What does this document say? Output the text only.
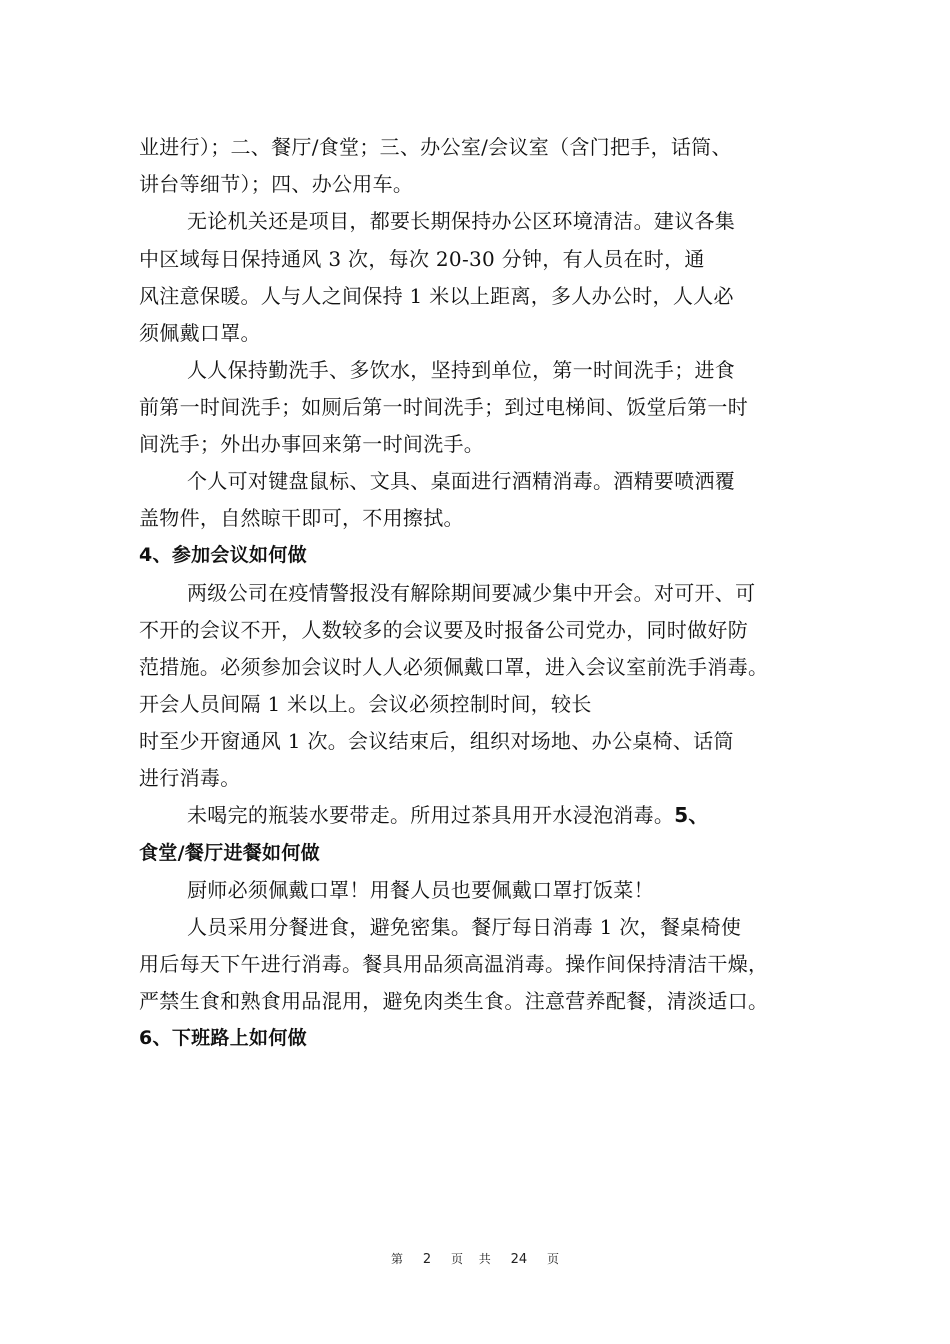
业进行）；二、餐厅/食堂；三、办公室/会议室（含门把手，话筒、
讲台等细节）；四、办公用车。
无论机关还是项目，都要长期保持办公区环境清洁。建议各集
中区域每日保持通风 3 次，每次 20-30 分钟，有人员在时，通
风注意保暖。人与人之间保持 1 米以上距离，多人办公时，人人必
须佩戴口罩。
人人保持勤洗手、多饮水，坚持到单位，第一时间洗手；进食
前第一时间洗手；如厕后第一时间洗手；到过电梯间、饭堂后第一时
间洗手；外出办事回来第一时间洗手。
个人可对键盘鼠标、文具、桌面进行酒精消毒。酒精要喷洒覆
盖物件，自然晾干即可，不用擦拭。
4、参加会议如何做
两级公司在疫情警报没有解除期间要减少集中开会。对可开、可
不开的会议不开，人数较多的会议要及时报备公司党办，同时做好防
范措施。必须参加会议时人人必须佩戴口罩，进入会议室前洗手消毒。
开会人员间隔 1 米以上。会议必须控制时间，较长
时至少开窗通风 1 次。会议结束后，组织对场地、办公桌椅、话筒
进行消毒。
未喝完的瓶装水要带走。所用过茶具用开水浸泡消毒。5、
食堂/餐厅进餐如何做
厨师必须佩戴口罩！用餐人员也要佩戴口罩打饭菜！
人员采用分餐进食，避免密集。餐厅每日消毒 1 次，餐桌椅使
用后每天下午进行消毒。餐具用品须高温消毒。操作间保持清洁干燥，
严禁生食和熟食用品混用，避免肉类生食。注意营养配餐，清淡适口。
6、下班路上如何做
第 2 页 共 24 页
